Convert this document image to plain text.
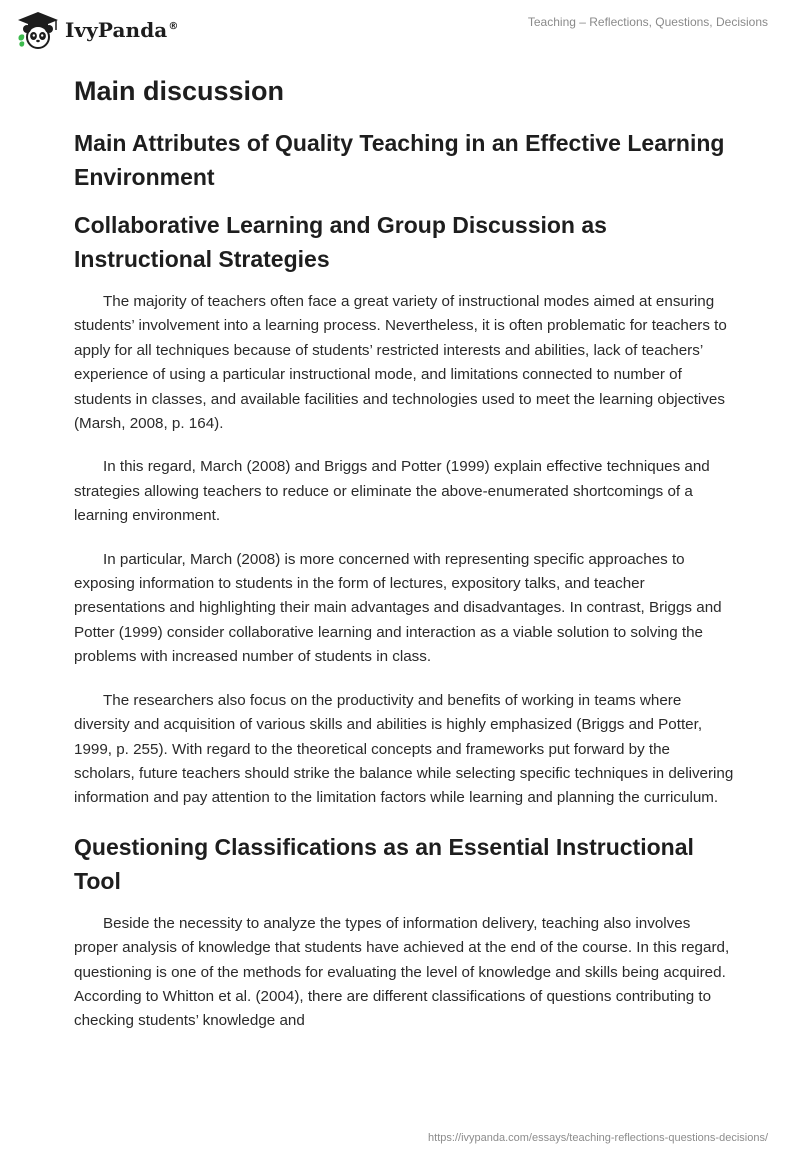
IvyPanda®	Teaching – Reflections, Questions, Decisions
Main discussion
Main Attributes of Quality Teaching in an Effective Learning Environment
Collaborative Learning and Group Discussion as Instructional Strategies

The majority of teachers often face a great variety of instructional modes aimed at ensuring students’ involvement into a learning process. Nevertheless, it is often problematic for teachers to apply for all techniques because of students’ restricted interests and abilities, lack of teachers’ experience of using a particular instructional mode, and limitations connected to number of students in classes, and available facilities and technologies used to meet the learning objectives (Marsh, 2008, p. 164).

In this regard, March (2008) and Briggs and Potter (1999) explain effective techniques and strategies allowing teachers to reduce or eliminate the above-enumerated shortcomings of a learning environment.

In particular, March (2008) is more concerned with representing specific approaches to exposing information to students in the form of lectures, expository talks, and teacher presentations and highlighting their main advantages and disadvantages. In contrast, Briggs and Potter (1999) consider collaborative learning and interaction as a viable solution to solving the problems with increased number of students in class.

The researchers also focus on the productivity and benefits of working in teams where diversity and acquisition of various skills and abilities is highly emphasized (Briggs and Potter, 1999, p. 255). With regard to the theoretical concepts and frameworks put forward by the scholars, future teachers should strike the balance while selecting specific techniques in delivering information and pay attention to the limitation factors while learning and planning the curriculum.

Questioning Classifications as an Essential Instructional Tool

Beside the necessity to analyze the types of information delivery, teaching also involves proper analysis of knowledge that students have achieved at the end of the course. In this regard, questioning is one of the methods for evaluating the level of knowledge and skills being acquired. According to Whitton et al. (2004), there are different classifications of questions contributing to checking students’ knowledge and

https://ivypanda.com/essays/teaching-reflections-questions-decisions/
